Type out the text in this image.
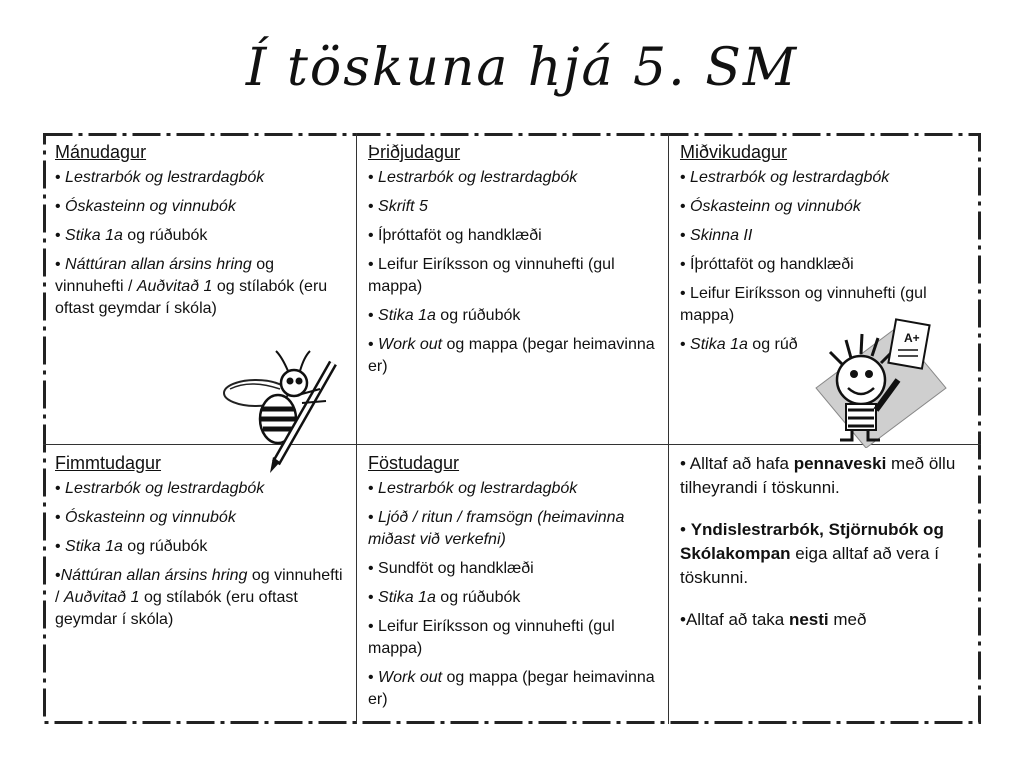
Í töskuna hjá 5. SM
Mánudagur
• Lestrarbók og lestrardagbók
• Óskasteinn og vinnubók
• Stika 1a og rúðubók
• Náttúran allan ársins hring og vinnuhefti / Auðvitað 1 og stílabók (eru oftast geymdar í skóla)
Þriðjudagur
• Lestrarbók og lestrardagbók
• Skrift 5
• Íþróttaföt og handklæði
• Leifur Eiríksson og vinnuhefti (gul mappa)
• Stika 1a og rúðubók
• Work out og mappa (þegar heimavinna er)
Miðvikudagur
• Lestrarbók og lestrardagbók
• Óskasteinn og vinnubók
• Skinna II
• Íþróttaföt og handklæði
• Leifur Eiríksson og vinnuhefti (gul mappa)
• Stika 1a og rúð	A+
Fimmtudagur
• Lestrarbók og lestrardagbók
• Óskasteinn og vinnubók
• Stika 1a og rúðubók
•Náttúran allan ársins hring og vinnuhefti / Auðvitað 1 og stílabók (eru oftast geymdar í skóla)
Föstudagur
• Lestrarbók og lestrardagbók
• Ljóð / ritun / framsögn (heimavinna miðast við verkefni)
• Sundföt og handklæði
• Stika 1a og rúðubók
• Leifur Eiríksson og vinnuhefti (gul mappa)
• Work out og mappa (þegar heimavinna er)

• Alltaf að hafa pennaveski með öllu tilheyrandi í töskunni.

• Yndislestrarbók, Stjörnubók og Skólakompan eiga alltaf að vera í töskunni.

•Alltaf að taka nesti með
